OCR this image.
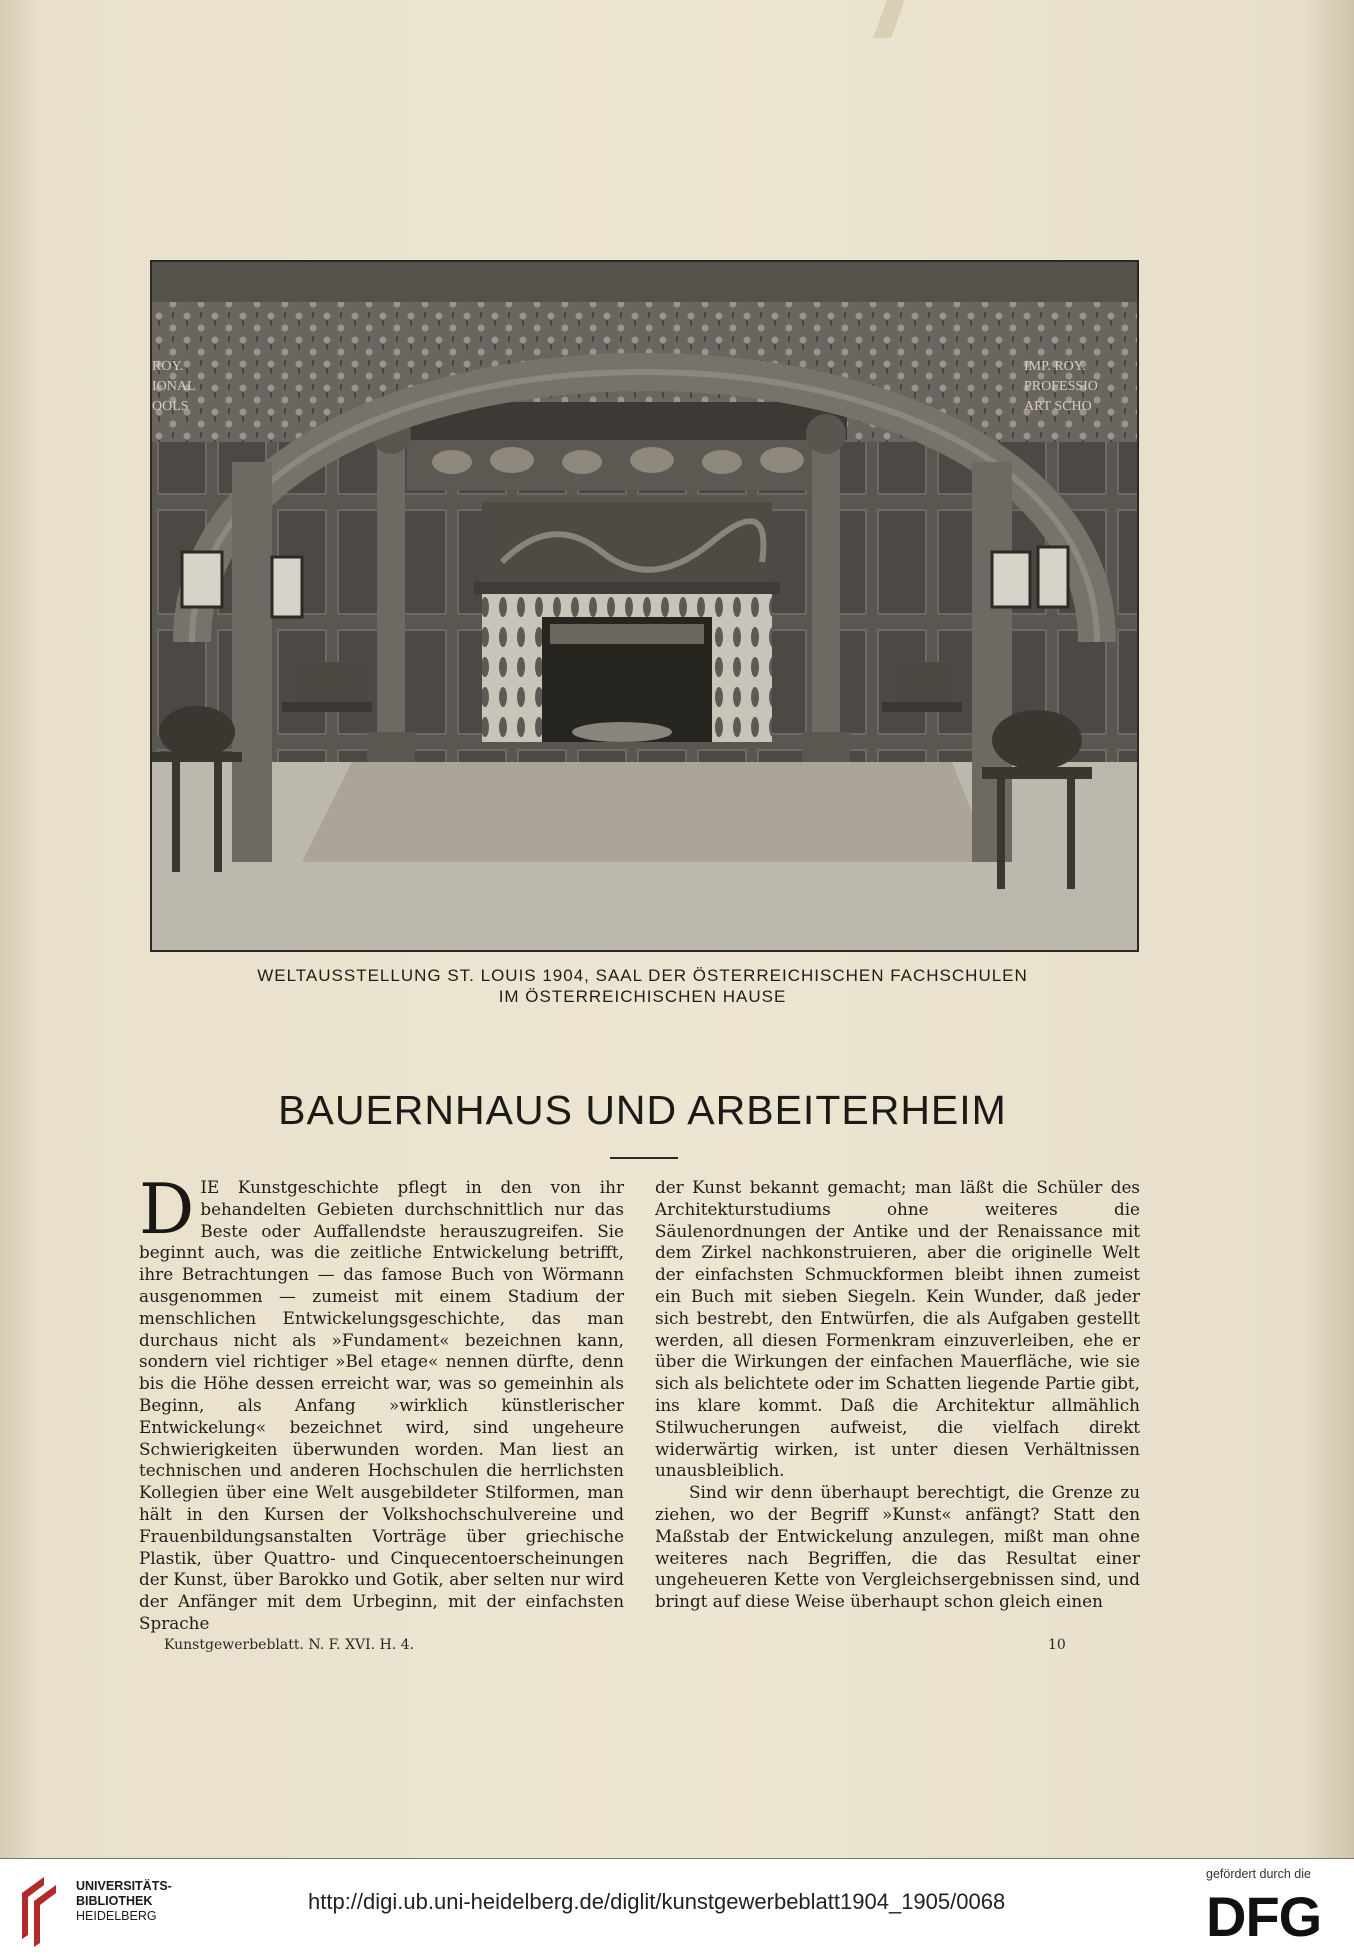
ROY.
IONAL
OOLS
IMP. ROY.
PROFESSIO
ART SCHO
WELTAUSSTELLUNG ST. LOUIS 1904, SAAL DER ÖSTERREICHISCHEN FACHSCHULEN
IM ÖSTERREICHISCHEN HAUSE
BAUERNHAUS UND ARBEITERHEIM

DIE Kunstgeschichte pflegt in den von ihr behandelten Gebieten durchschnittlich nur das Beste oder Auffallendste herauszugreifen. Sie beginnt auch, was die zeitliche Entwickelung betrifft, ihre Betrachtungen — das famose Buch von Wörmann ausgenommen — zumeist mit einem Stadium der menschlichen Entwickelungsgeschichte, das man durchaus nicht als »Fundament« bezeichnen kann, sondern viel richtiger »Bel etage« nennen dürfte, denn bis die Höhe dessen erreicht war, was so gemeinhin als Beginn, als Anfang »wirklich künstlerischer Entwickelung« bezeichnet wird, sind ungeheure Schwierigkeiten überwunden worden. Man liest an technischen und anderen Hochschulen die herrlichsten Kollegien über eine Welt ausgebildeter Stilformen, man hält in den Kursen der Volkshochschulvereine und Frauenbildungsanstalten Vorträge über griechische Plastik, über Quattro- und Cinquecentoerscheinungen der Kunst, über Barokko und Gotik, aber selten nur wird der Anfänger mit dem Urbeginn, mit der einfachsten Sprache

der Kunst bekannt gemacht; man läßt die Schüler des Architekturstudiums ohne weiteres die Säulenordnungen der Antike und der Renaissance mit dem Zirkel nachkonstruieren, aber die originelle Welt der einfachsten Schmuckformen bleibt ihnen zumeist ein Buch mit sieben Siegeln. Kein Wunder, daß jeder sich bestrebt, den Entwürfen, die als Aufgaben gestellt werden, all diesen Formenkram einzuverleiben, ehe er über die Wirkungen der einfachen Mauerfläche, wie sie sich als belichtete oder im Schatten liegende Partie gibt, ins klare kommt. Daß die Architektur allmählich Stilwucherungen aufweist, die vielfach direkt widerwärtig wirken, ist unter diesen Verhältnissen unausbleiblich.

Sind wir denn überhaupt berechtigt, die Grenze zu ziehen, wo der Begriff »Kunst« anfängt? Statt den Maßstab der Entwickelung anzulegen, mißt man ohne weiteres nach Begriffen, die das Resultat einer ungeheueren Kette von Vergleichsergebnissen sind, und bringt auf diese Weise überhaupt schon gleich einen

Kunstgewerbeblatt. N. F. XVI. H. 4.	10
UNIVERSITÄTS-
BIBLIOTHEK
HEIDELBERG
http://digi.ub.uni-heidelberg.de/diglit/kunstgewerbeblatt1904_1905/0068
gefördert durch die
DFG
